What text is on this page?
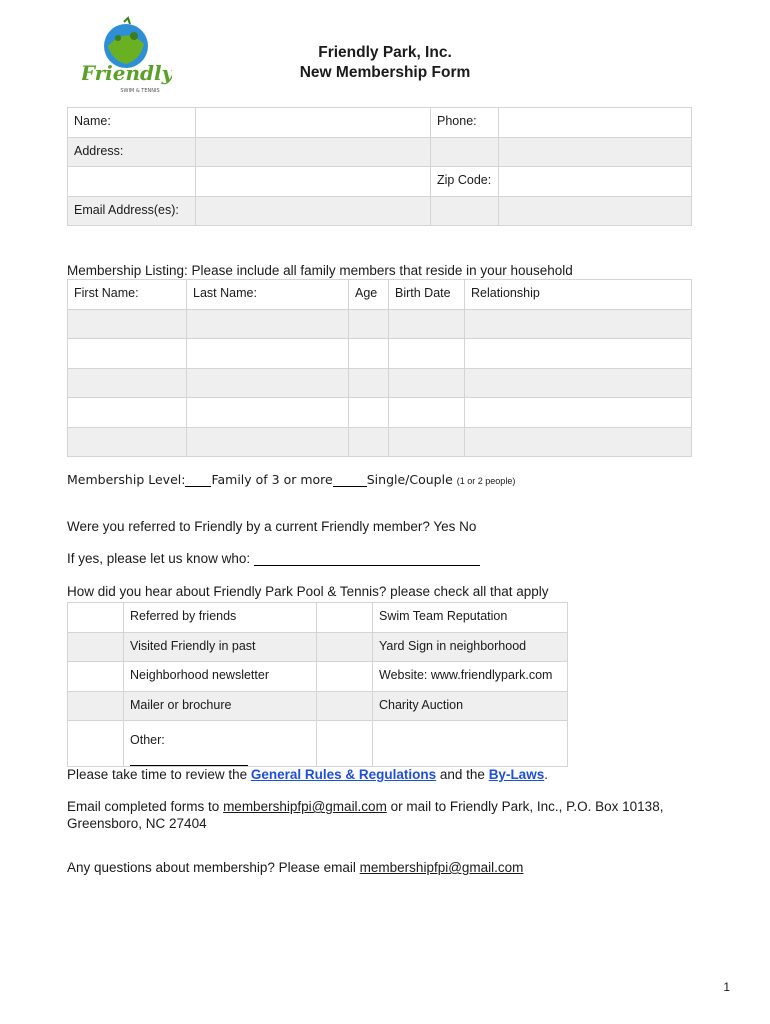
Friendly
SWIM & TENNIS
Friendly Park, Inc.
New Membership Form
Name:		Phone:	

Address:			

		Zip Code:	

Email Address(es):			

Membership Listing: Please include all family members that reside in your household
First Name:	Last Name:	Age	Birth Date	Relationship

Membership Level: Family of 3 or more	Single/Couple (1 or 2 people)
Were you referred to Friendly by a current Friendly member? Yes No
If yes, please let us know who:
How did you hear about Friendly Park Pool & Tennis? please check all that apply

	Referred by friends		Swim Team Reputation

	Visited Friendly in past		Yard Sign in neighborhood

	Neighborhood newsletter		Website: www.friendlypark.com

	Mailer or brochure		Charity Auction

	Other:		

Please take time to review the General Rules & Regulations and the By-Laws.
Email completed forms to membershipfpi@gmail.com or mail to Friendly Park, Inc., P.O. Box 10138,
Greensboro, NC 27404
Any questions about membership? Please email membershipfpi@gmail.com
1
